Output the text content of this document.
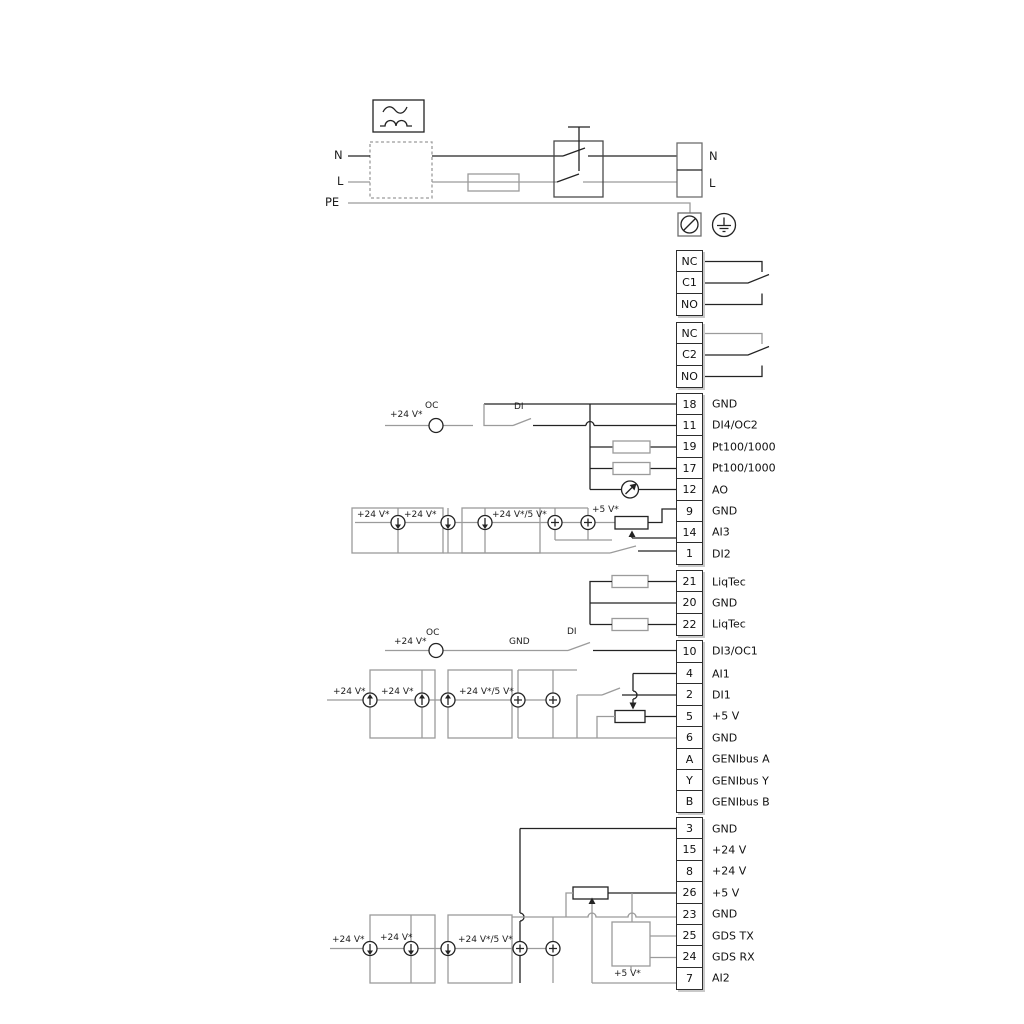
N
L
PE
N
L
+24 V*
OC	DI
+24 V* +24 V*	+24 V*/5 V*	+5 V*
+24 V*
OC
GND
DI
+24 V* +24 V*	+24 V*/5 V*
+24 V* +24 V*	+24 V*/5 V*
+5 V*
NC
C1
NO
NC
C2
NO
18	GND
11	DI4/OC2
19	Pt100/1000
17	Pt100/1000
12	AO
9	GND
14	AI3
1	DI2
21	LiqTec
20	GND
22	LiqTec
10	DI3/OC1
4	AI1
2	DI1
5	+5 V
6	GND
A	GENIbus A
Y	GENIbus Y
B	GENIbus B
3	GND
15	+24 V
8	+24 V
26	+5 V
23	GND
25	GDS TX
24	GDS RX
7	AI2
